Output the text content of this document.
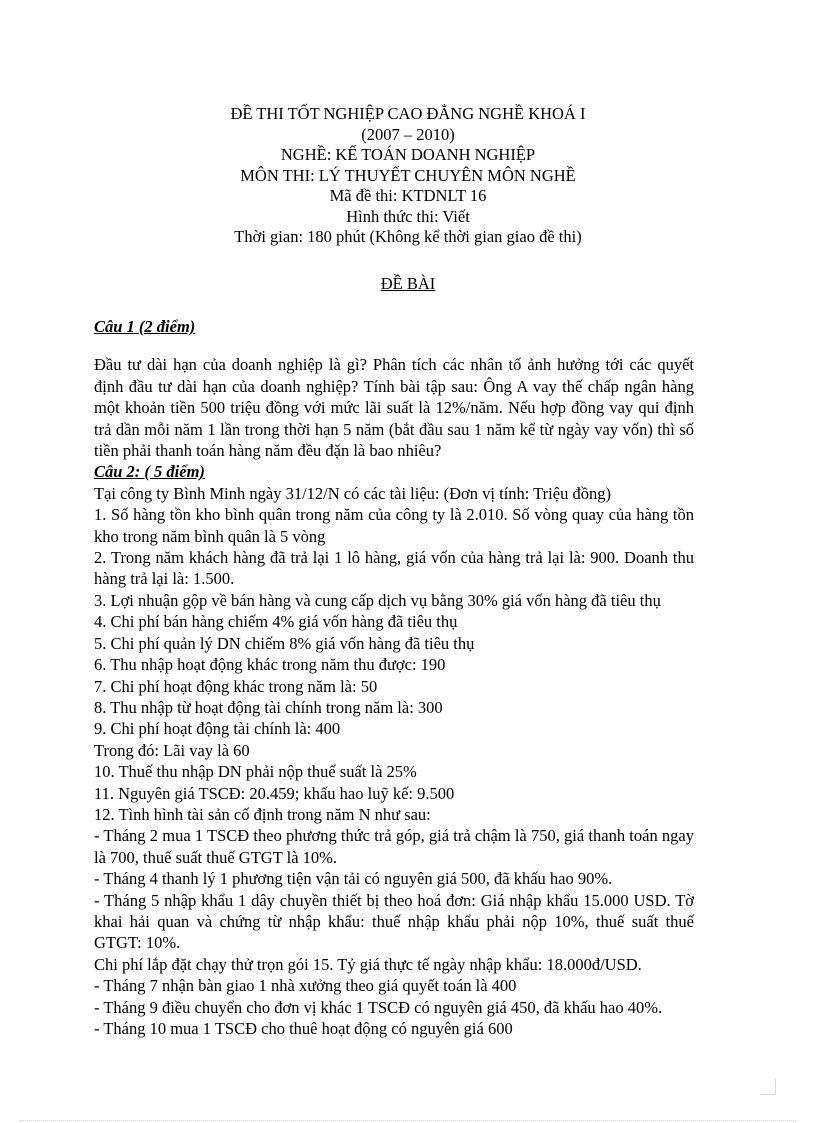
ĐỀ THI TỐT NGHIỆP CAO ĐẲNG NGHỀ KHOÁ I
(2007 – 2010)
NGHỀ: KẾ TOÁN DOANH NGHIỆP
MÔN THI: LÝ THUYẾT CHUYÊN MÔN NGHỀ
Mã đề thi: KTDNLT 16
Hình thức thi: Viết
Thời gian: 180 phút (Không kể thời gian giao đề thi)
ĐỀ BÀI
Câu 1 (2 điểm)
Đầu tư dài hạn của doanh nghiệp là gì? Phân tích các nhân tố ảnh hưởng tới các quyết định đầu tư dài hạn của doanh nghiệp? Tính bài tập sau: Ông A vay thế chấp ngân hàng một khoản tiền 500 triệu đồng với mức lãi suất là 12%/năm. Nếu hợp đồng vay qui định trả dần mỗi năm 1 lần trong thời hạn 5 năm (bắt đầu sau 1 năm kể từ ngày vay vốn) thì số tiền phải thanh toán hàng năm đều đặn là bao nhiêu?
Câu 2: ( 5 điểm)
Tại công ty Bình Minh ngày 31/12/N có các tài liệu: (Đơn vị tính: Triệu đồng)
1. Số hàng tồn kho bình quân trong năm của công ty là 2.010. Số vòng quay của hàng tồn kho trong năm bình quân là 5 vòng
2. Trong năm khách hàng đã trả lại 1 lô hàng, giá vốn của hàng trả lại là: 900. Doanh thu hàng trả lại là: 1.500.
3. Lợi nhuận gộp về bán hàng và cung cấp dịch vụ bằng 30% giá vốn hàng đã tiêu thụ
4. Chi phí bán hàng chiếm 4% giá vốn hàng đã tiêu thụ
5. Chi phí quản lý DN chiếm 8% giá vốn hàng đã tiêu thụ
6. Thu nhập hoạt động khác trong năm thu được: 190
7. Chi phí hoạt động khác trong năm là: 50
8. Thu nhập từ hoạt động tài chính trong năm là: 300
9. Chi phí hoạt động tài chính là: 400
Trong đó: Lãi vay là 60
10. Thuế thu nhập DN phải nộp thuế suất là 25%
11. Nguyên giá TSCĐ: 20.459; khấu hao luỹ kế: 9.500
12. Tình hình tài sản cố định trong năm N như sau:
- Tháng 2 mua 1 TSCĐ theo phương thức trả góp, giá trả chậm là 750, giá thanh toán ngay là 700, thuế suất thuế GTGT là 10%.
- Tháng 4 thanh lý 1 phương tiện vận tải có nguyên giá 500, đã khấu hao 90%.
- Tháng 5 nhập khẩu 1 dây chuyền thiết bị theo hoá đơn: Giá nhập khẩu 15.000 USD. Tờ khai hải quan và chứng từ nhập khẩu: thuế nhập khẩu phải nộp 10%, thuế suất thuế GTGT: 10%.
Chi phí lắp đặt chạy thử trọn gói 15. Tỷ giá thực tế ngày nhập khẩu: 18.000đ/USD.
- Tháng 7 nhận bàn giao 1 nhà xưởng theo giá quyết toán là 400
- Tháng 9 điều chuyển cho đơn vị khác 1 TSCĐ có nguyên giá 450, đã khấu hao 40%.
- Tháng 10 mua 1 TSCĐ cho thuê hoạt động có nguyên giá 600
